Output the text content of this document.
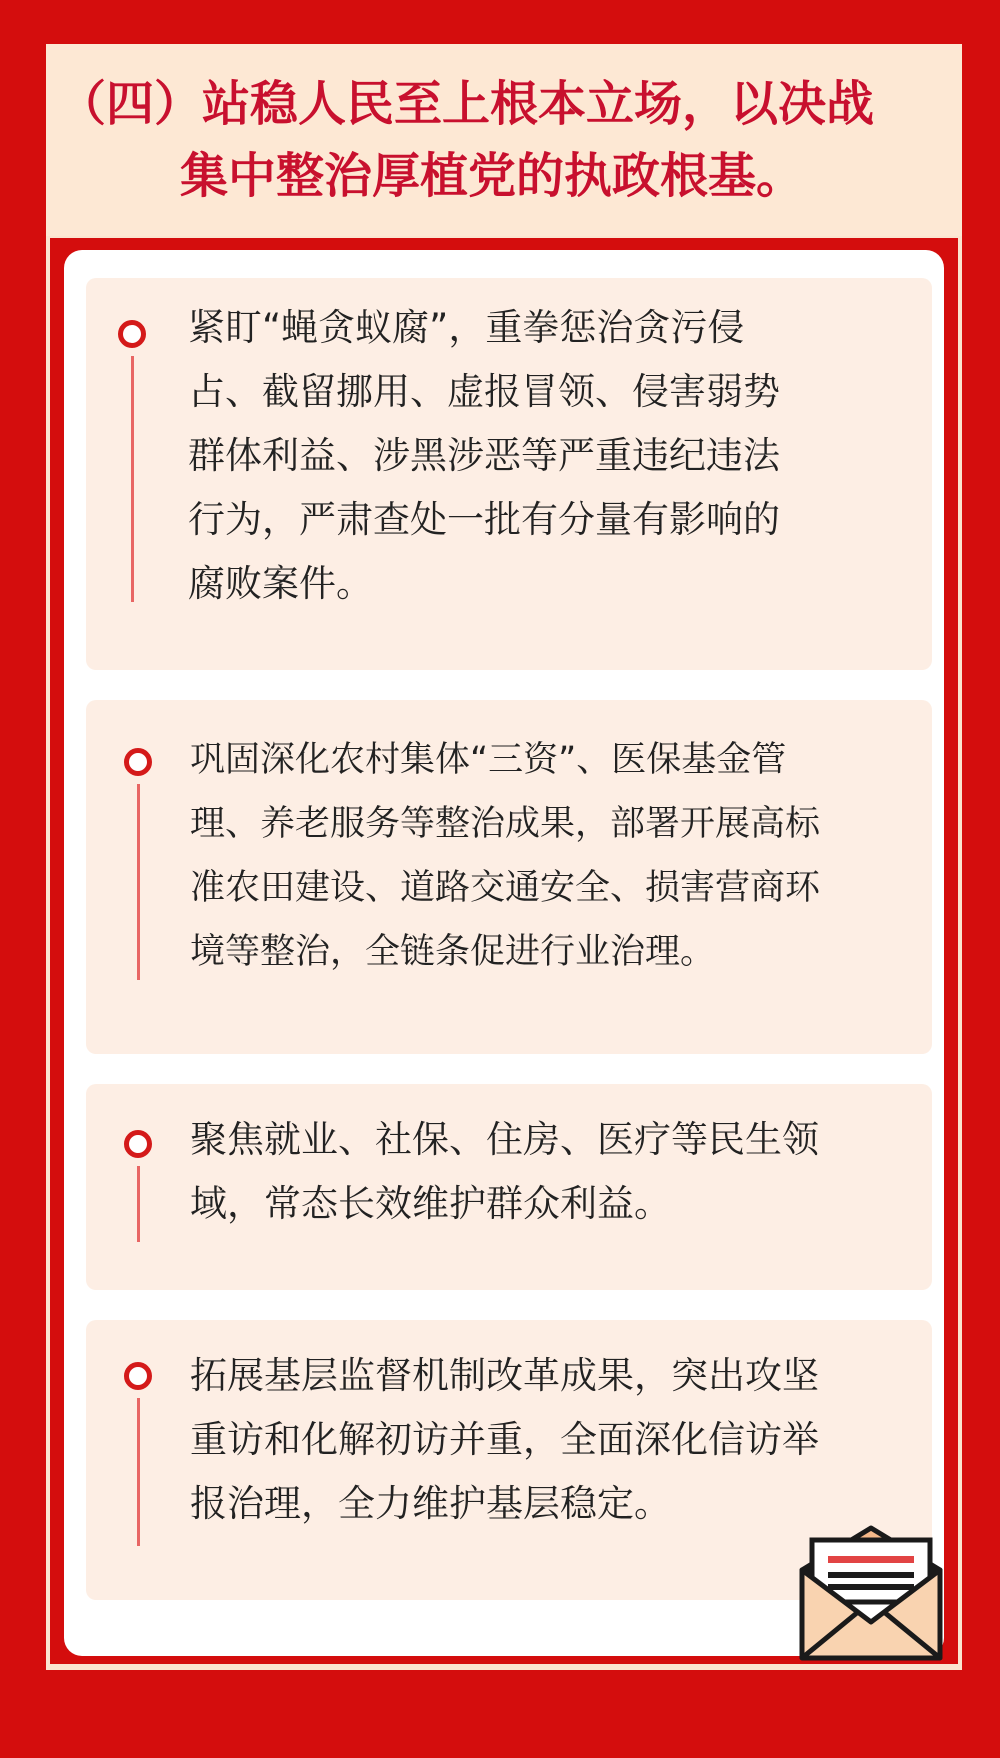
（四）站稳人民至上根本立场，以决战
集中整治厚植党的执政根基。

紧盯“蝇贪蚁腐”，重拳惩治贪污侵
占、截留挪用、虚报冒领、侵害弱势
群体利益、涉黑涉恶等严重违纪违法
行为，严肃查处一批有分量有影响的
腐败案件。

巩固深化农村集体“三资”、医保基金管
理、养老服务等整治成果，部署开展高标
准农田建设、道路交通安全、损害营商环
境等整治，全链条促进行业治理。

聚焦就业、社保、住房、医疗等民生领
域，常态长效维护群众利益。

拓展基层监督机制改革成果，突出攻坚
重访和化解初访并重，全面深化信访举
报治理，全力维护基层稳定。
